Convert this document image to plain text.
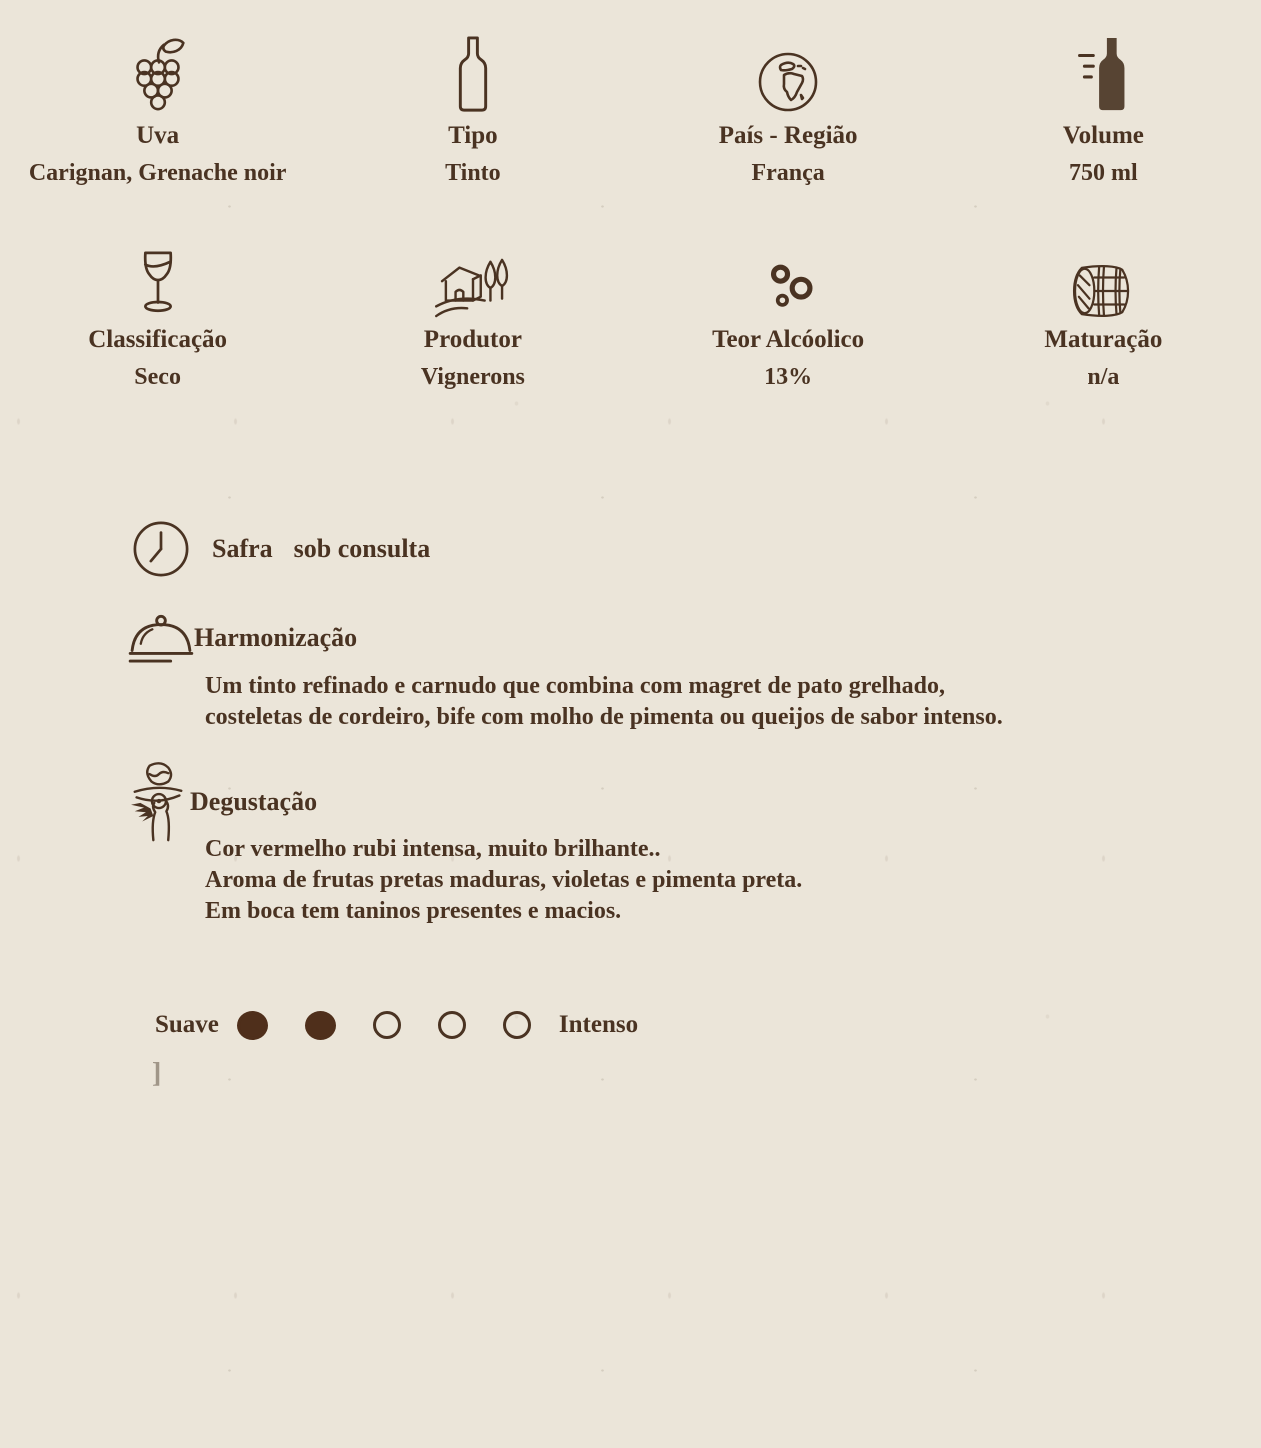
Uva
Carignan, Grenache noir
Tipo
Tinto
País - Região
França
Volume
750 ml
Classificação
Seco
Produtor
Vignerons
Teor Alcóolico
13%
Maturação
n/a
Safra sob consulta
Harmonização
Um tinto refinado e carnudo que combina com magret de pato grelhado,
costeletas de cordeiro, bife com molho de pimenta ou queijos de sabor intenso.
Degustação
Cor vermelho rubi intensa, muito brilhante..
Aroma de frutas pretas maduras, violetas e pimenta preta.
Em boca tem taninos presentes e macios.
Suave	Intenso
]
